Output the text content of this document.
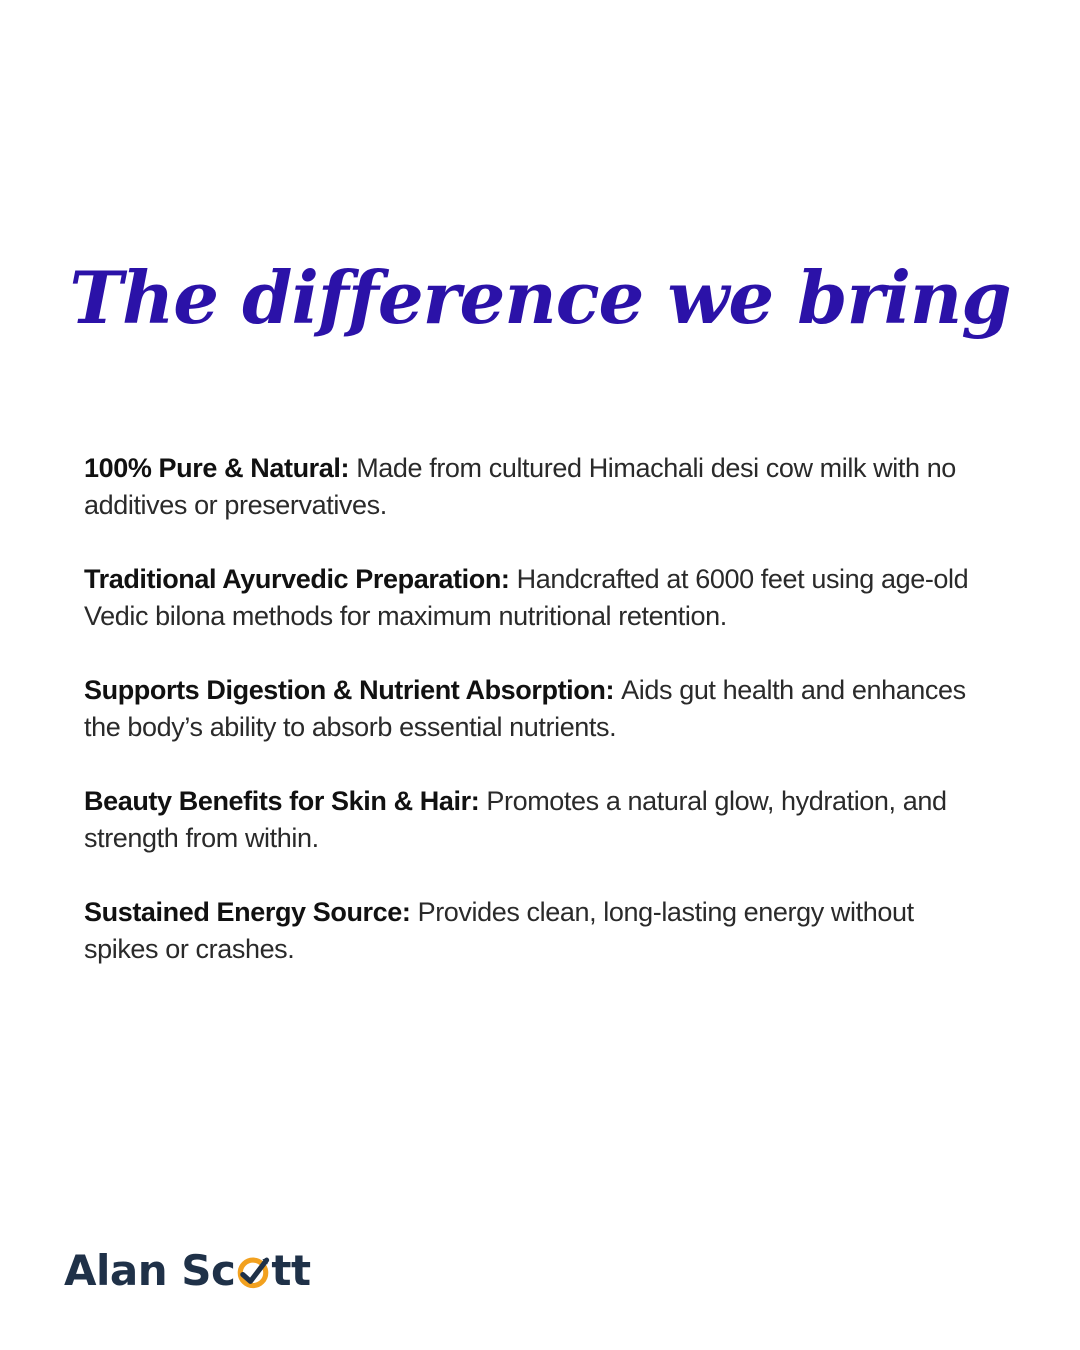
The difference we bring

100% Pure & Natural: Made from cultured Himachali desi cow milk with no additives or preservatives.

Traditional Ayurvedic Preparation: Handcrafted at 6000 feet using age-old Vedic bilona methods for maximum nutritional retention.

Supports Digestion & Nutrient Absorption: Aids gut health and enhances the body’s ability to absorb essential nutrients.

Beauty Benefits for Skin & Hair: Promotes a natural glow, hydration, and strength from within.

Sustained Energy Source: Provides clean, long-lasting energy without spikes or crashes.

Alan Sc tt
